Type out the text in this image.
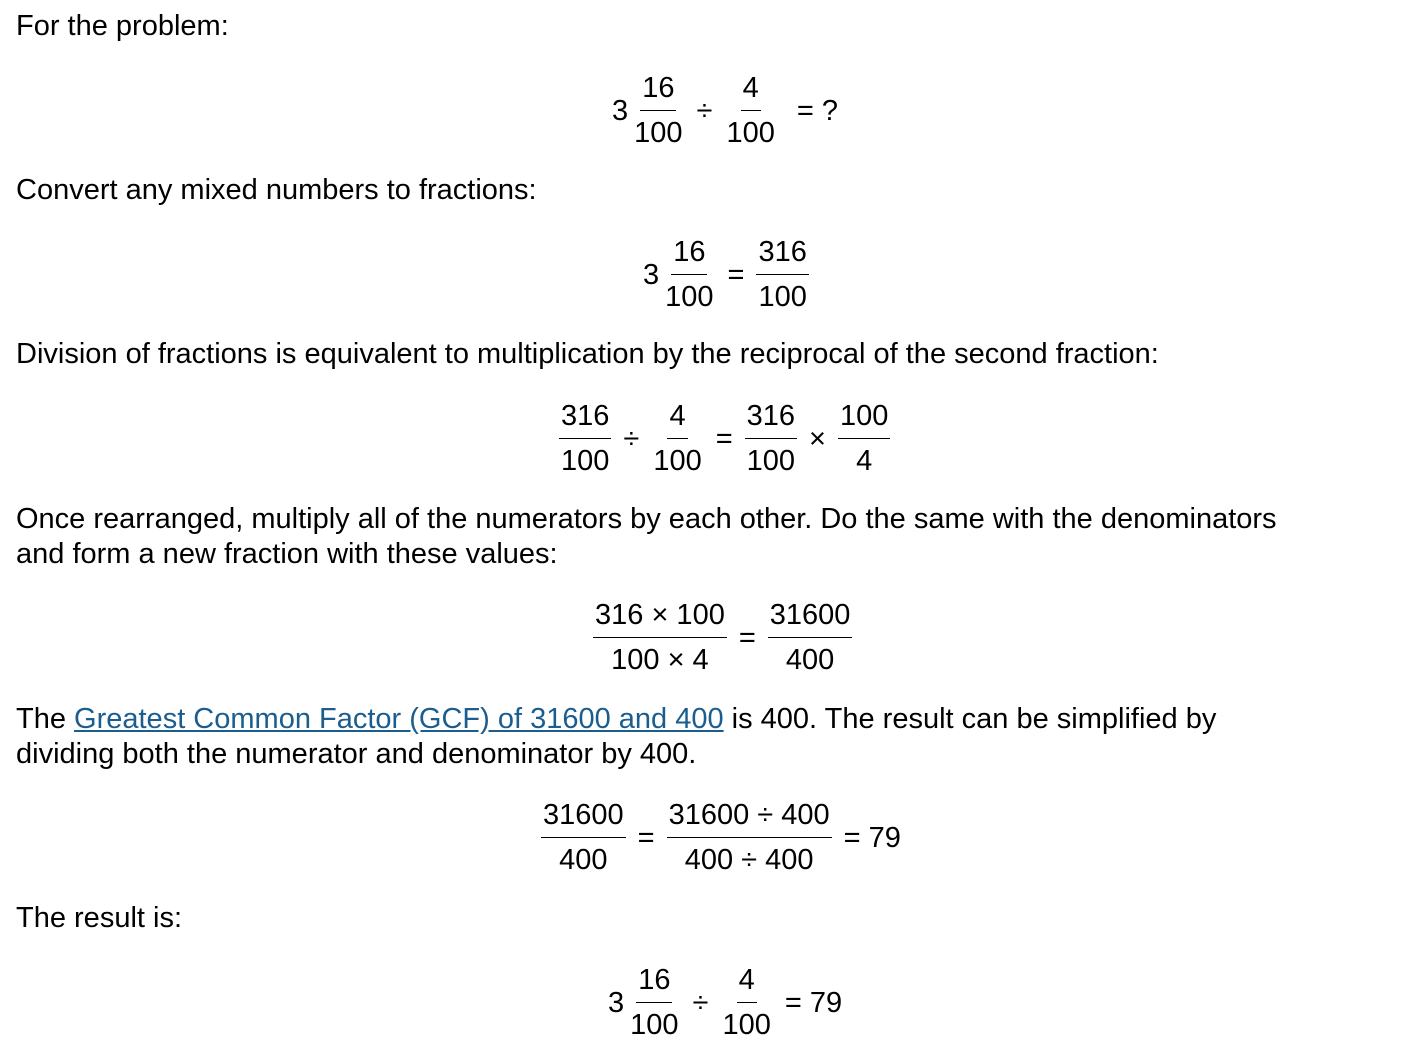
For the problem:

$3 \frac{16}{100} \div \frac{4}{100}$ = ?

Convert any mixed numbers to fractions:

$3 \frac{16}{100} = \frac{316}{100}$

Division of fractions is equivalent to multiplication by the reciprocal of the second fraction:

$\frac{316}{100} \div \frac{4}{100} = \frac{316}{100} \times \frac{100}{4}$

Once rearranged, multiply all of the numerators by each other. Do the same with the denominators

and form a new fraction with these values:

$\frac{316 \times 100}{100 \times 4} = \frac{31600}{400}$

The Greatest Common Factor (GCF) of 31600 and 400 is 400. The result can be simplified by

dividing both the numerator and denominator by 400.

$\frac{31600}{400} = \frac{31600 \div 400}{400 \div 400} = 79$

The result is:

$3 \frac{16}{100} \div \frac{4}{100} = 79$
